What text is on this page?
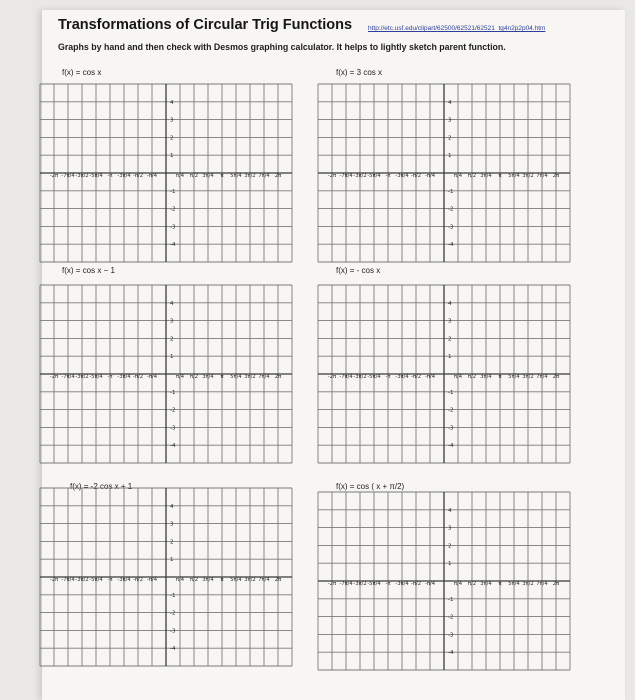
Transformations of Circular Trig Functions http://etc.usf.edu/clipart/62500/62521/62521_tg4n2p2p04.htm
Graphs by hand and then check with Desmos graphing calculator. It helps to lightly sketch parent function.
f(x) = cos x	f(x) = 3 cos x
f(x) = cos x − 1	f(x) = - cos x
f(x) = -2 cos x + 1	f(x) = cos ( x + π/2)
-2π -7π/4 -3π/2 -5π/4 -π -3π/4 -π/2 -π/4	π/4 π/2 3π/4 π 5π/4 3π/2 7π/4 2π
4
3
2
1
-1
-2
-3
-4
-2π -7π/4 -3π/2 -5π/4 -π -3π/4 -π/2 -π/4	π/4 π/2 3π/4 π 5π/4 3π/2 7π/4 2π
4
3
2
1
-1
-2
-3
-4
-2π -7π/4 -3π/2 -5π/4 -π -3π/4 -π/2 -π/4	π/4 π/2 3π/4 π 5π/4 3π/2 7π/4 2π
4
3
2
1
-1
-2
-3
-4
-2π -7π/4 -3π/2 -5π/4 -π -3π/4 -π/2 -π/4	π/4 π/2 3π/4 π 5π/4 3π/2 7π/4 2π
4
3
2
1
-1
-2
-3
-4
-2π -7π/4 -3π/2 -5π/4 -π -3π/4 -π/2 -π/4	π/4 π/2 3π/4 π 5π/4 3π/2 7π/4 2π
4
3
2
1
-1
-2
-3
-4
-2π -7π/4 -3π/2 -5π/4 -π -3π/4 -π/2 -π/4	π/4 π/2 3π/4 π 5π/4 3π/2 7π/4 2π
4
3
2
1
-1
-2
-3
-4
